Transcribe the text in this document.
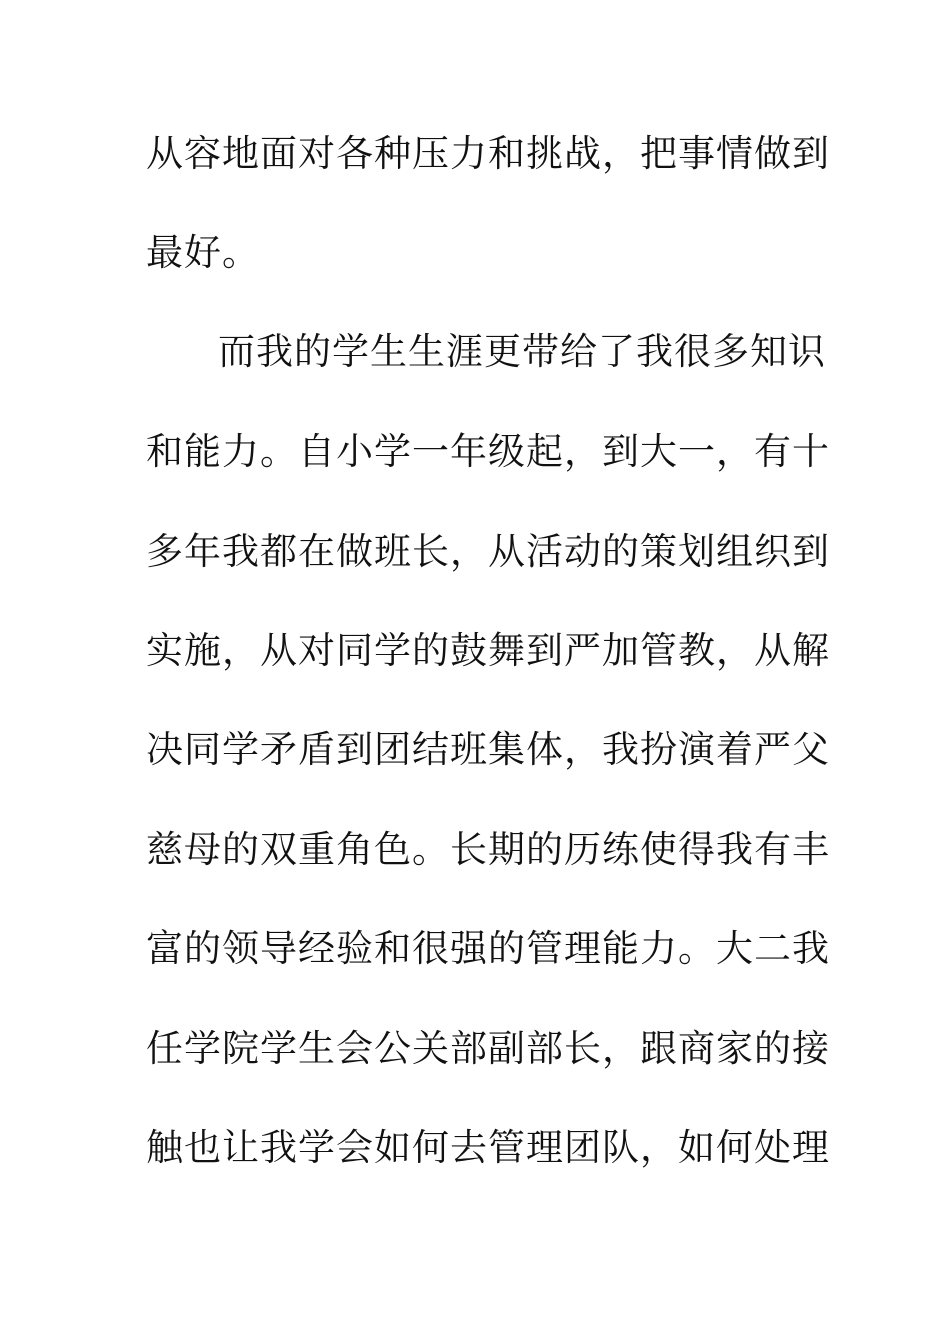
从容地面对各种压力和挑战，把事情做到
最好。
而我的学生生涯更带给了我很多知识
和能力。自小学一年级起，到大一，有十
多年我都在做班长，从活动的策划组织到
实施，从对同学的鼓舞到严加管教，从解
决同学矛盾到团结班集体，我扮演着严父
慈母的双重角色。长期的历练使得我有丰
富的领导经验和很强的管理能力。大二我
任学院学生会公关部副部长，跟商家的接
触也让我学会如何去管理团队，如何处理
